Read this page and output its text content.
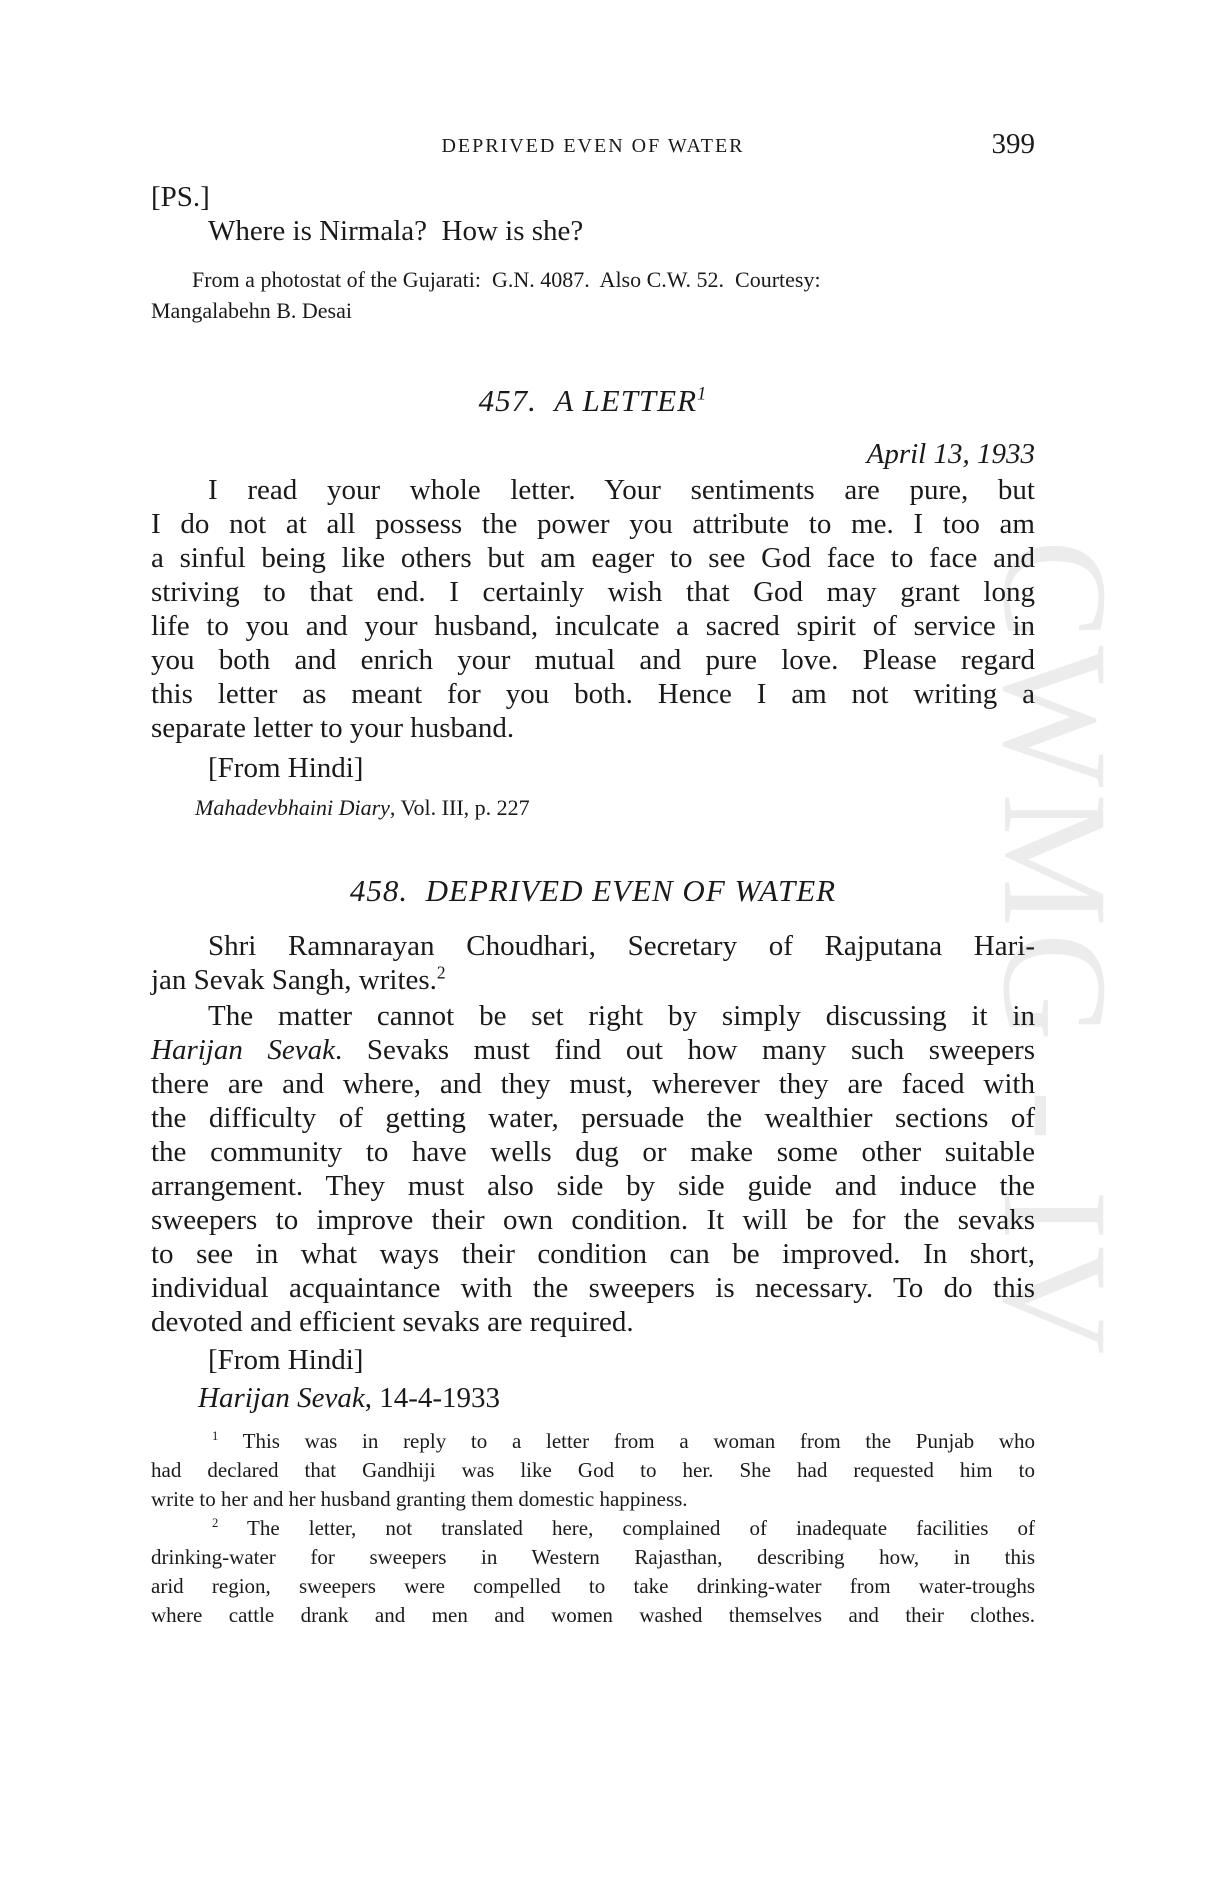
CWMG - IV
DEPRIVED EVEN OF WATER	399
[PS.]
Where is Nirmala?  How is she?
From a photostat of the Gujarati:  G.N. 4087.  Also C.W. 52.  Courtesy:
Mangalabehn B. Desai
457. A LETTER$^1$
April 13, 1933
I read your whole letter. Your sentiments are pure, but
I do not at all possess the power you attribute to me. I too am
a sinful being like others but am eager to see God face to face and
striving to that end. I certainly wish that God may grant long
life to you and your husband, inculcate a sacred spirit of service in
you both and enrich your mutual and pure love. Please regard
this letter as meant for you both. Hence I am not writing a
separate letter to your husband.
[From Hindi]
Mahadevbhaini Diary, Vol. III, p. 227
458. DEPRIVED EVEN OF WATER
Shri Ramnarayan Choudhari, Secretary of Rajputana Hari-
jan Sevak Sangh, writes.$^2$
The matter cannot be set right by simply discussing it in
Harijan Sevak. Sevaks must find out how many such sweepers
there are and where, and they must, wherever they are faced with
the difficulty of getting water, persuade the wealthier sections of
the community to have wells dug or make some other suitable
arrangement. They must also side by side guide and induce the
sweepers to improve their own condition. It will be for the sevaks
to see in what ways their condition can be improved. In short,
individual acquaintance with the sweepers is necessary. To do this
devoted and efficient sevaks are required.
[From Hindi]
Harijan Sevak, 14-4-1933
$^1$ This was in reply to a letter from a woman from the Punjab who
had declared that Gandhiji was like God to her. She had requested him to
write to her and her husband granting them domestic happiness.
$^2$ The letter, not translated here, complained of inadequate facilities of
drinking-water for sweepers in Western Rajasthan, describing how, in this
arid region, sweepers were compelled to take drinking-water from water-troughs
where cattle drank and men and women washed themselves and their clothes.
